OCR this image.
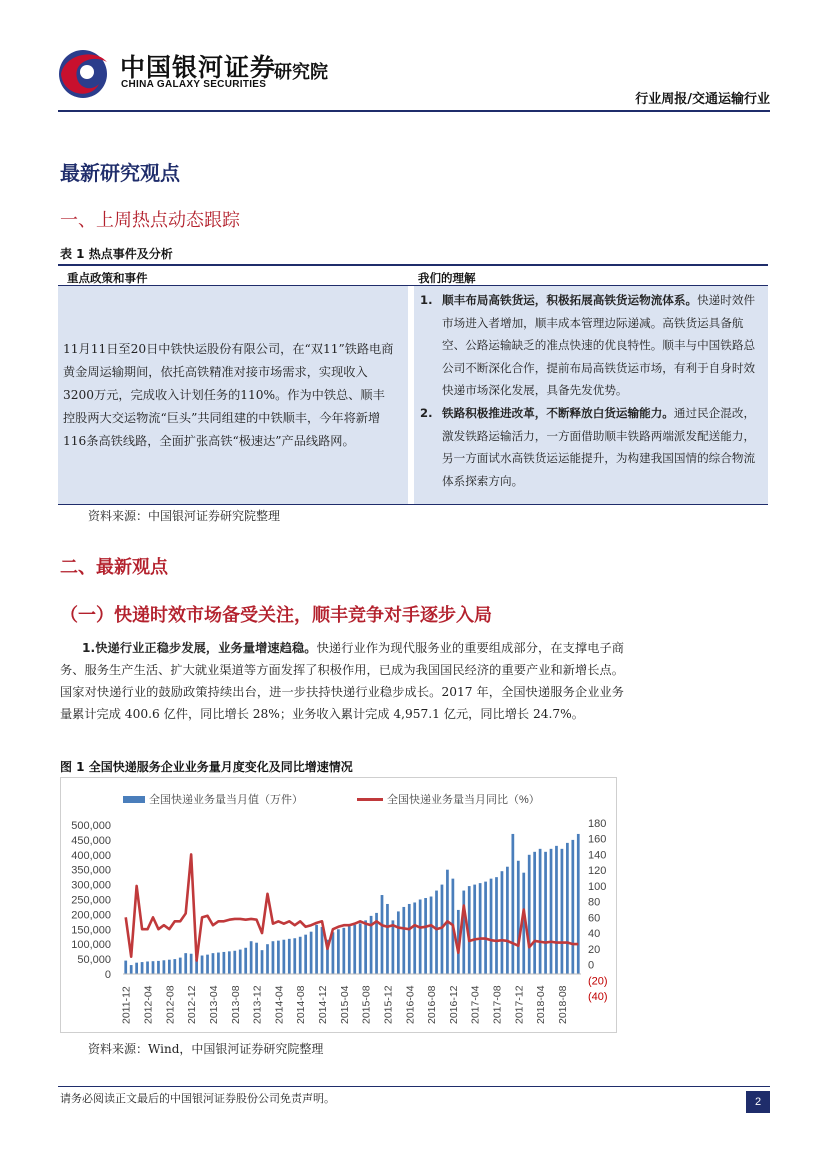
中国银河证券
CHINA GALAXY SECURITIES
研究院
行业周报/交通运输行业
最新研究观点
一、上周热点动态跟踪
表 1 热点事件及分析
重点政策和事件	我们的理解

11月11日至20日中铁快运股份有限公司，在“双11”铁路电商黄金周运输期间，依托高铁精准对接市场需求，实现收入3200万元，完成收入计划任务的110%。作为中铁总、顺丰控股两大交运物流“巨头”共同组建的中铁顺丰，今年将新增116条高铁线路，全面扩张高铁“极速达”产品线路网。

1. 顺丰布局高铁货运，积极拓展高铁货运物流体系。快递时效件市场进入者增加，顺丰成本管理边际递减。高铁货运具备航空、公路运输缺乏的准点快速的优良特性。顺丰与中国铁路总公司不断深化合作，提前布局高铁货运市场，有利于自身时效快递市场深化发展，具备先发优势。
2. 铁路积极推进改革，不断释放白货运输能力。通过民企混改，激发铁路运输活力，一方面借助顺丰铁路两端派发配送能力，另一方面试水高铁货运运能提升，为构建我国国情的综合物流体系探索方向。
资料来源：中国银河证券研究院整理
二、最新观点
（一）快递时效市场备受关注，顺丰竞争对手逐步入局
1.快递行业正稳步发展，业务量增速趋稳。快递行业作为现代服务业的重要组成部分，在支撑电子商务、服务生产生活、扩大就业渠道等方面发挥了积极作用，已成为我国国民经济的重要产业和新增长点。国家对快递行业的鼓励政策持续出台，进一步扶持快递行业稳步成长。2017 年，全国快递服务企业业务量累计完成 400.6 亿件，同比增长 28%；业务收入累计完成 4,957.1 亿元，同比增长 24.7%。
图 1 全国快递服务企业业务量月度变化及同比增速情况
全国快递业务量当月值（万件）	全国快递业务量当月同比（%）
500,000
450,000
400,000
350,000
300,000
250,000
200,000
150,000
100,000
50,000
0
180
160
140
120
100
80
60
40
20
0
(20)
(40)
2011-12 2012-04 2012-08 2012-12 2013-04 2013-08 2013-12 2014-04 2014-08 2014-12 2015-04 2015-08 2015-12 2016-04 2016-08 2016-12 2017-04 2017-08 2017-12 2018-04 2018-08
资料来源：Wind，中国银河证券研究院整理
请务必阅读正文最后的中国银河证券股份公司免责声明。	2
